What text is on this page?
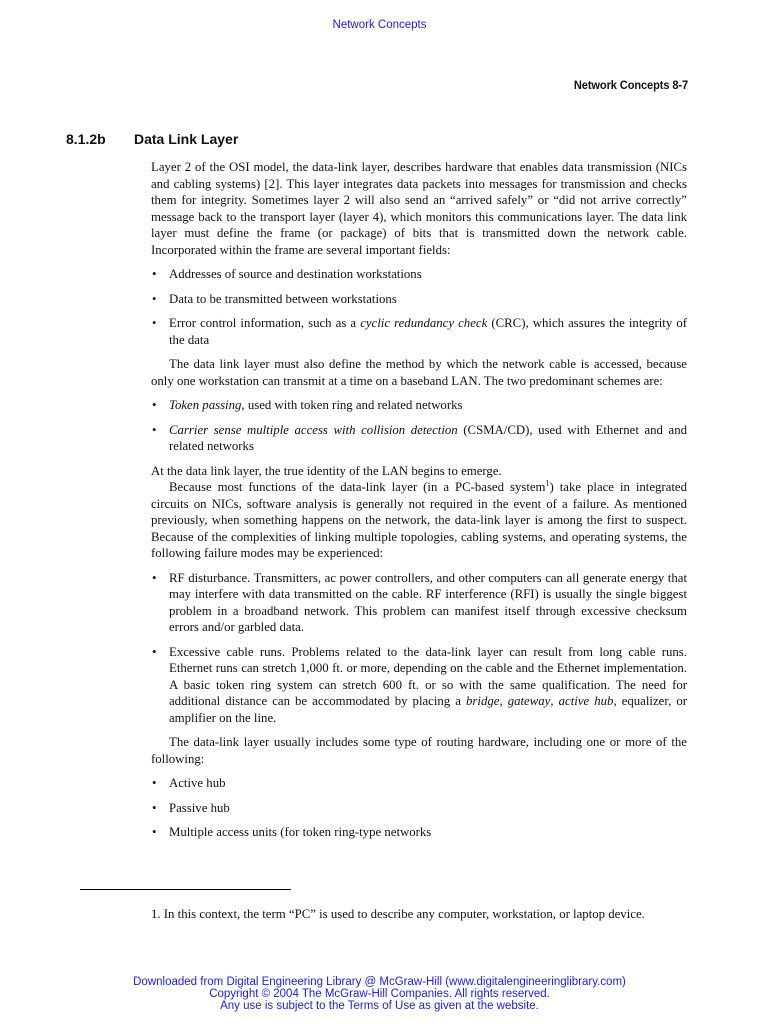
Network Concepts
Network Concepts 8-7
8.1.2b Data Link Layer

Layer 2 of the OSI model, the data-link layer, describes hardware that enables data transmission (NICs and cabling systems) [2]. This layer integrates data packets into messages for transmission and checks them for integrity. Sometimes layer 2 will also send an “arrived safely” or “did not arrive correctly” message back to the transport layer (layer 4), which monitors this communications layer. The data link layer must define the frame (or package) of bits that is transmitted down the network cable. Incorporated within the frame are several important fields:

• Addresses of source and destination workstations
• Data to be transmitted between workstations
• Error control information, such as a cyclic redundancy check (CRC), which assures the integrity of the data

The data link layer must also define the method by which the network cable is accessed, because only one workstation can transmit at a time on a baseband LAN. The two predominant schemes are:

• Token passing, used with token ring and related networks
• Carrier sense multiple access with collision detection (CSMA/CD), used with Ethernet and and related networks

At the data link layer, the true identity of the LAN begins to emerge.

Because most functions of the data-link layer (in a PC-based system$^1$) take place in integrated circuits on NICs, software analysis is generally not required in the event of a failure. As mentioned previously, when something happens on the network, the data-link layer is among the first to suspect. Because of the complexities of linking multiple topologies, cabling systems, and operating systems, the following failure modes may be experienced:

• RF disturbance. Transmitters, ac power controllers, and other computers can all generate energy that may interfere with data transmitted on the cable. RF interference (RFI) is usually the single biggest problem in a broadband network. This problem can manifest itself through excessive checksum errors and/or garbled data.
• Excessive cable runs. Problems related to the data-link layer can result from long cable runs. Ethernet runs can stretch 1,000 ft. or more, depending on the cable and the Ethernet implementation. A basic token ring system can stretch 600 ft. or so with the same qualification. The need for additional distance can be accommodated by placing a bridge, gateway, active hub, equalizer, or amplifier on the line.

The data-link layer usually includes some type of routing hardware, including one or more of the following:

• Active hub
• Passive hub
• Multiple access units (for token ring-type networks
1. In this context, the term “PC” is used to describe any computer, workstation, or laptop device.
Downloaded from Digital Engineering Library @ McGraw-Hill (www.digitalengineeringlibrary.com)
Copyright © 2004 The McGraw-Hill Companies. All rights reserved.
Any use is subject to the Terms of Use as given at the website.
